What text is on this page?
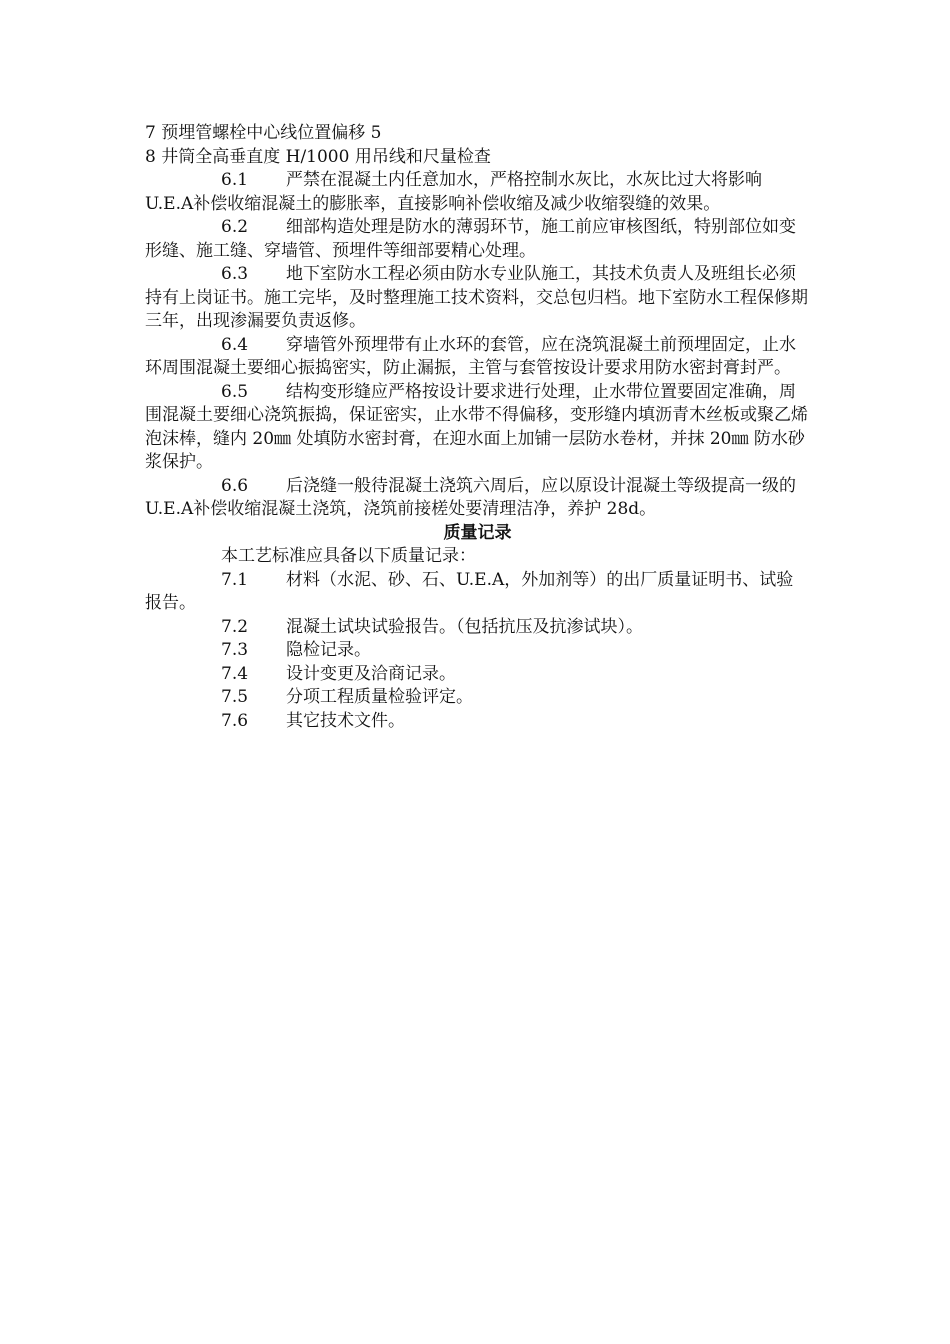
7 预埋管螺栓中心线位置偏移 5
8 井筒全高垂直度 H/1000 用吊线和尺量检查
6.1 严禁在混凝土内任意加水，严格控制水灰比，水灰比过大将影响U.E.A补偿收缩混凝土的膨胀率，直接影响补偿收缩及减少收缩裂缝的效果。
6.2 细部构造处理是防水的薄弱环节，施工前应审核图纸，特别部位如变形缝、施工缝、穿墙管、预埋件等细部要精心处理。
6.3 地下室防水工程必须由防水专业队施工，其技术负责人及班组长必须持有上岗证书。施工完毕，及时整理施工技术资料，交总包归档。地下室防水工程保修期三年，出现渗漏要负责返修。
6.4 穿墙管外预埋带有止水环的套管，应在浇筑混凝土前预埋固定，止水环周围混凝土要细心振捣密实，防止漏振，主管与套管按设计要求用防水密封膏封严。
6.5 结构变形缝应严格按设计要求进行处理，止水带位置要固定准确，周围混凝土要细心浇筑振捣，保证密实，止水带不得偏移，变形缝内填沥青木丝板或聚乙烯泡沫棒，缝内 20㎜ 处填防水密封膏，在迎水面上加铺一层防水卷材，并抹 20㎜ 防水砂浆保护。
6.6 后浇缝一般待混凝土浇筑六周后，应以原设计混凝土等级提高一级的U.E.A补偿收缩混凝土浇筑，浇筑前接槎处要清理洁净，养护 28d。
质量记录
本工艺标准应具备以下质量记录：
7.1 材料（水泥、砂、石、U.E.A，外加剂等）的出厂质量证明书、试验报告。
7.2 混凝土试块试验报告。（包括抗压及抗渗试块）。
7.3 隐检记录。
7.4 设计变更及洽商记录。
7.5 分项工程质量检验评定。
7.6 其它技术文件。
